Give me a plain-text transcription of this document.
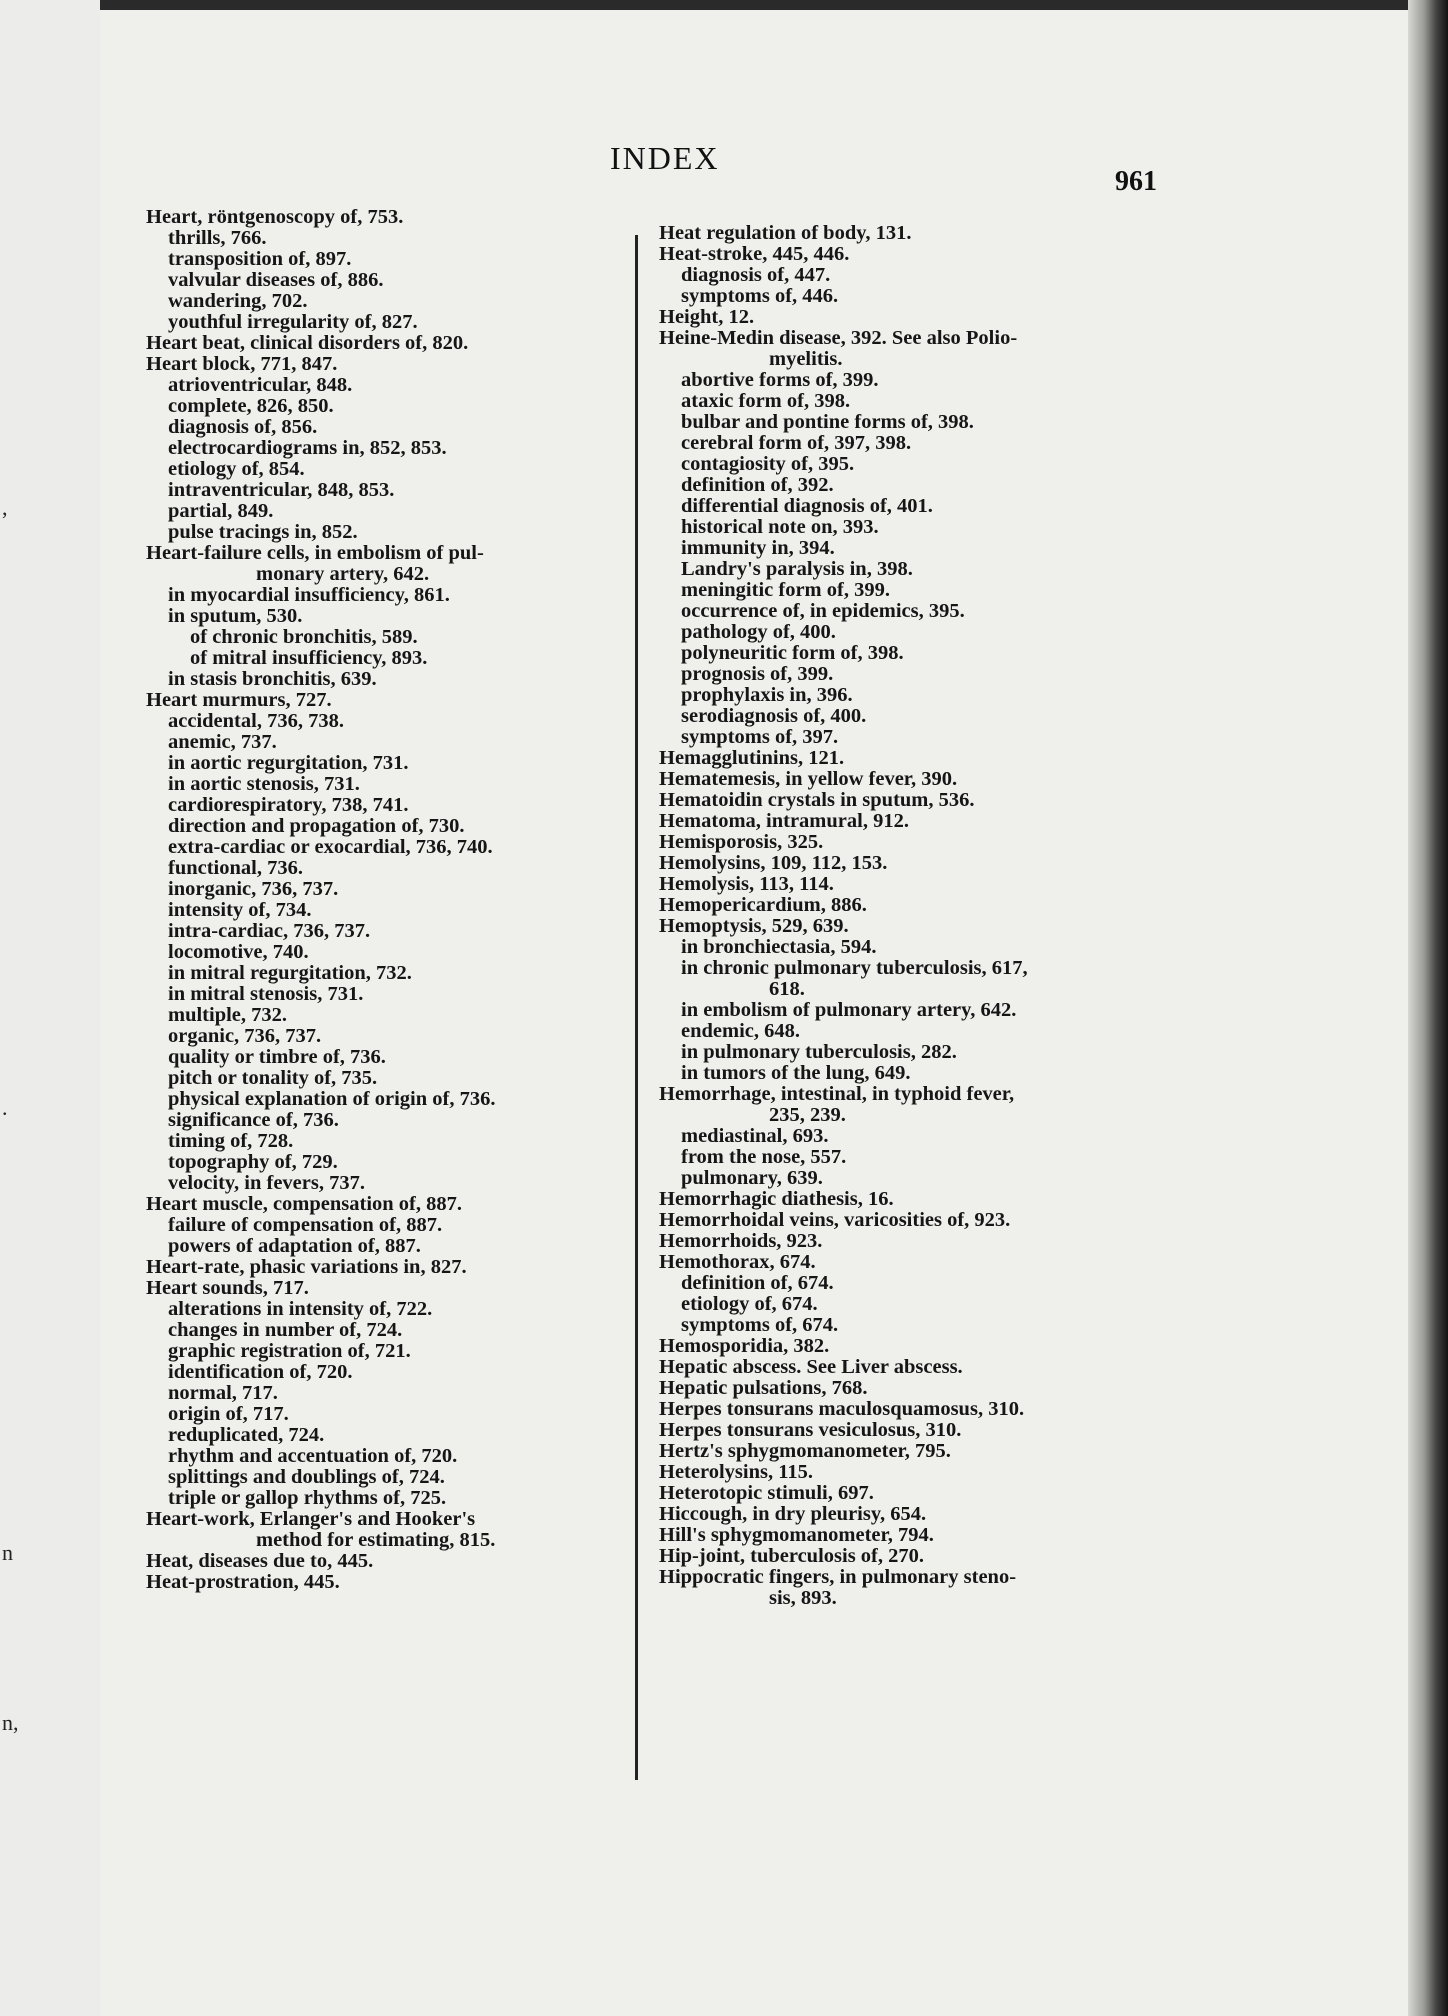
,
.
n
n,
INDEX
961
Heart, röntgenoscopy of, 753.
thrills, 766.
transposition of, 897.
valvular diseases of, 886.
wandering, 702.
youthful irregularity of, 827.
Heart beat, clinical disorders of, 820.
Heart block, 771, 847.
atrioventricular, 848.
complete, 826, 850.
diagnosis of, 856.
electrocardiograms in, 852, 853.
etiology of, 854.
intraventricular, 848, 853.
partial, 849.
pulse tracings in, 852.
Heart-failure cells, in embolism of pul-
monary artery, 642.
in myocardial insufficiency, 861.
in sputum, 530.
of chronic bronchitis, 589.
of mitral insufficiency, 893.
in stasis bronchitis, 639.
Heart murmurs, 727.
accidental, 736, 738.
anemic, 737.
in aortic regurgitation, 731.
in aortic stenosis, 731.
cardiorespiratory, 738, 741.
direction and propagation of, 730.
extra-cardiac or exocardial, 736, 740.
functional, 736.
inorganic, 736, 737.
intensity of, 734.
intra-cardiac, 736, 737.
locomotive, 740.
in mitral regurgitation, 732.
in mitral stenosis, 731.
multiple, 732.
organic, 736, 737.
quality or timbre of, 736.
pitch or tonality of, 735.
physical explanation of origin of, 736.
significance of, 736.
timing of, 728.
topography of, 729.
velocity, in fevers, 737.
Heart muscle, compensation of, 887.
failure of compensation of, 887.
powers of adaptation of, 887.
Heart-rate, phasic variations in, 827.
Heart sounds, 717.
alterations in intensity of, 722.
changes in number of, 724.
graphic registration of, 721.
identification of, 720.
normal, 717.
origin of, 717.
reduplicated, 724.
rhythm and accentuation of, 720.
splittings and doublings of, 724.
triple or gallop rhythms of, 725.
Heart-work, Erlanger's and Hooker's
method for estimating, 815.
Heat, diseases due to, 445.
Heat-prostration, 445.
Heat regulation of body, 131.
Heat-stroke, 445, 446.
diagnosis of, 447.
symptoms of, 446.
Height, 12.
Heine-Medin disease, 392. See also Polio-
myelitis.
abortive forms of, 399.
ataxic form of, 398.
bulbar and pontine forms of, 398.
cerebral form of, 397, 398.
contagiosity of, 395.
definition of, 392.
differential diagnosis of, 401.
historical note on, 393.
immunity in, 394.
Landry's paralysis in, 398.
meningitic form of, 399.
occurrence of, in epidemics, 395.
pathology of, 400.
polyneuritic form of, 398.
prognosis of, 399.
prophylaxis in, 396.
serodiagnosis of, 400.
symptoms of, 397.
Hemagglutinins, 121.
Hematemesis, in yellow fever, 390.
Hematoidin crystals in sputum, 536.
Hematoma, intramural, 912.
Hemisporosis, 325.
Hemolysins, 109, 112, 153.
Hemolysis, 113, 114.
Hemopericardium, 886.
Hemoptysis, 529, 639.
in bronchiectasia, 594.
in chronic pulmonary tuberculosis, 617,
618.
in embolism of pulmonary artery, 642.
endemic, 648.
in pulmonary tuberculosis, 282.
in tumors of the lung, 649.
Hemorrhage, intestinal, in typhoid fever,
235, 239.
mediastinal, 693.
from the nose, 557.
pulmonary, 639.
Hemorrhagic diathesis, 16.
Hemorrhoidal veins, varicosities of, 923.
Hemorrhoids, 923.
Hemothorax, 674.
definition of, 674.
etiology of, 674.
symptoms of, 674.
Hemosporidia, 382.
Hepatic abscess. See Liver abscess.
Hepatic pulsations, 768.
Herpes tonsurans maculosquamosus, 310.
Herpes tonsurans vesiculosus, 310.
Hertz's sphygmomanometer, 795.
Heterolysins, 115.
Heterotopic stimuli, 697.
Hiccough, in dry pleurisy, 654.
Hill's sphygmomanometer, 794.
Hip-joint, tuberculosis of, 270.
Hippocratic fingers, in pulmonary steno-
sis, 893.
